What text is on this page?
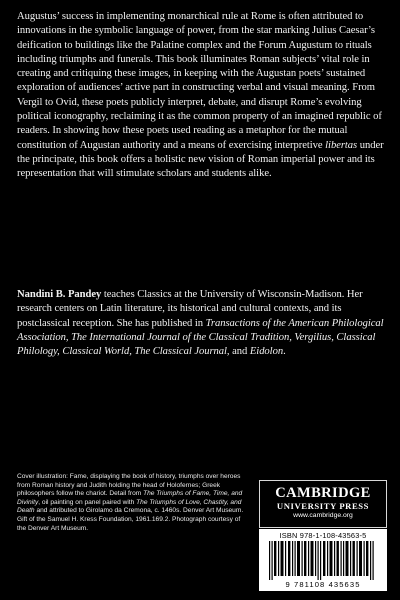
Augustus’ success in implementing monarchical rule at Rome is often attributed to innovations in the symbolic language of power, from the star marking Julius Caesar’s deification to buildings like the Palatine complex and the Forum Augustum to rituals including triumphs and funerals. This book illuminates Roman subjects’ vital role in creating and critiquing these images, in keeping with the Augustan poets’ sustained exploration of audiences’ active part in constructing verbal and visual meaning. From Vergil to Ovid, these poets publicly interpret, debate, and disrupt Rome’s evolving political iconography, reclaiming it as the common property of an imagined republic of readers. In showing how these poets used reading as a metaphor for the mutual constitution of Augustan authority and a means of exercising interpretive libertas under the principate, this book offers a holistic new vision of Roman imperial power and its representation that will stimulate scholars and students alike.

Nandini B. Pandey teaches Classics at the University of Wisconsin-Madison. Her research centers on Latin literature, its historical and cultural contexts, and its postclassical reception. She has published in Transactions of the American Philological Association, The International Journal of the Classical Tradition, Vergilius, Classical Philology, Classical World, The Classical Journal, and Eidolon.

Cover illustration: Fame, displaying the book of history, triumphs over heroes from Roman history and Judith holding the head of Holofernes; Greek philosophers follow the chariot. Detail from The Triumphs of Fame, Time, and Divinity, oil painting on panel paired with The Triumphs of Love, Chastity, and Death and attributed to Girolamo da Cremona, c. 1460s. Denver Art Museum. Gift of the Samuel H. Kress Foundation, 1961.169.2. Photograph courtesy of the Denver Art Museum.

CAMBRIDGE
UNIVERSITY PRESS
www.cambridge.org
ISBN 978-1-108-43563-5
9 781108 435635
